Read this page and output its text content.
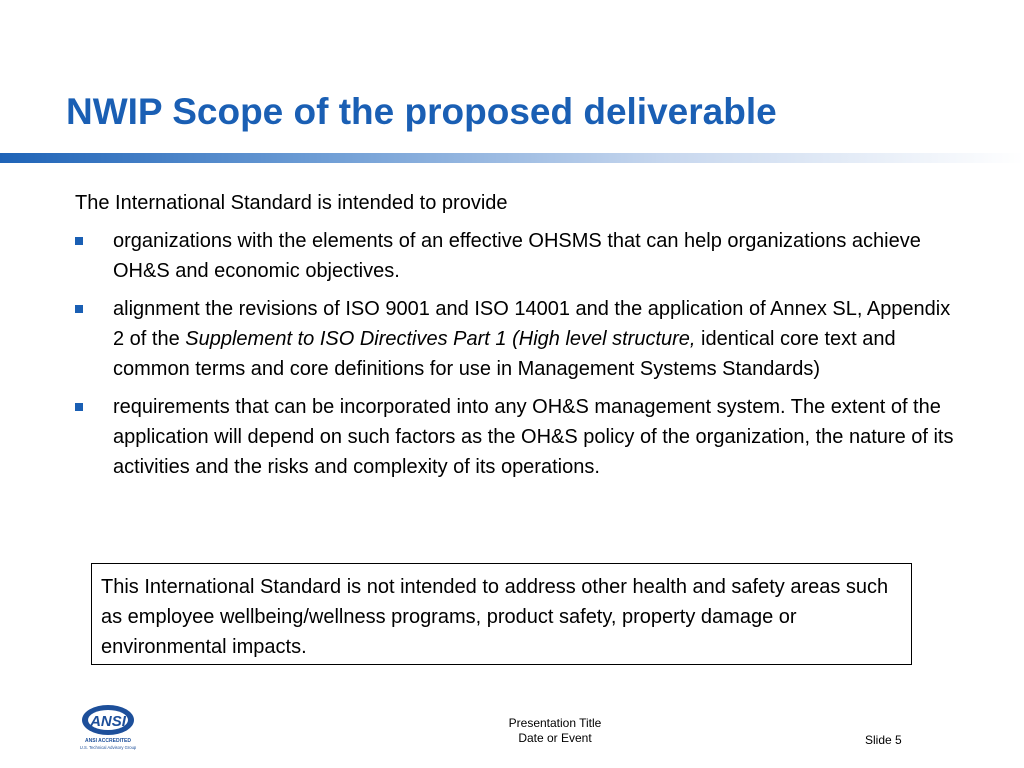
NWIP Scope of the proposed deliverable
The International Standard is intended to provide
organizations with the elements of an effective OHSMS that can help organizations achieve OH&S and economic objectives.
alignment the revisions of ISO 9001 and ISO 14001 and the application of Annex SL, Appendix 2 of the Supplement to ISO Directives Part 1 (High level structure, identical core text and common terms and core definitions for use in Management Systems Standards)
requirements that can be incorporated into any OH&S management system. The extent of the application will depend on such factors as the OH&S policy of the organization, the nature of its activities and the risks and complexity of its operations.
This International Standard is not intended to address other health and safety areas such as employee wellbeing/wellness programs, product safety, property damage or environmental impacts.
ANSI
ANSI ACCREDITED
U.S. Technical Advisory Group
Presentation Title
Date or Event	Slide 5
